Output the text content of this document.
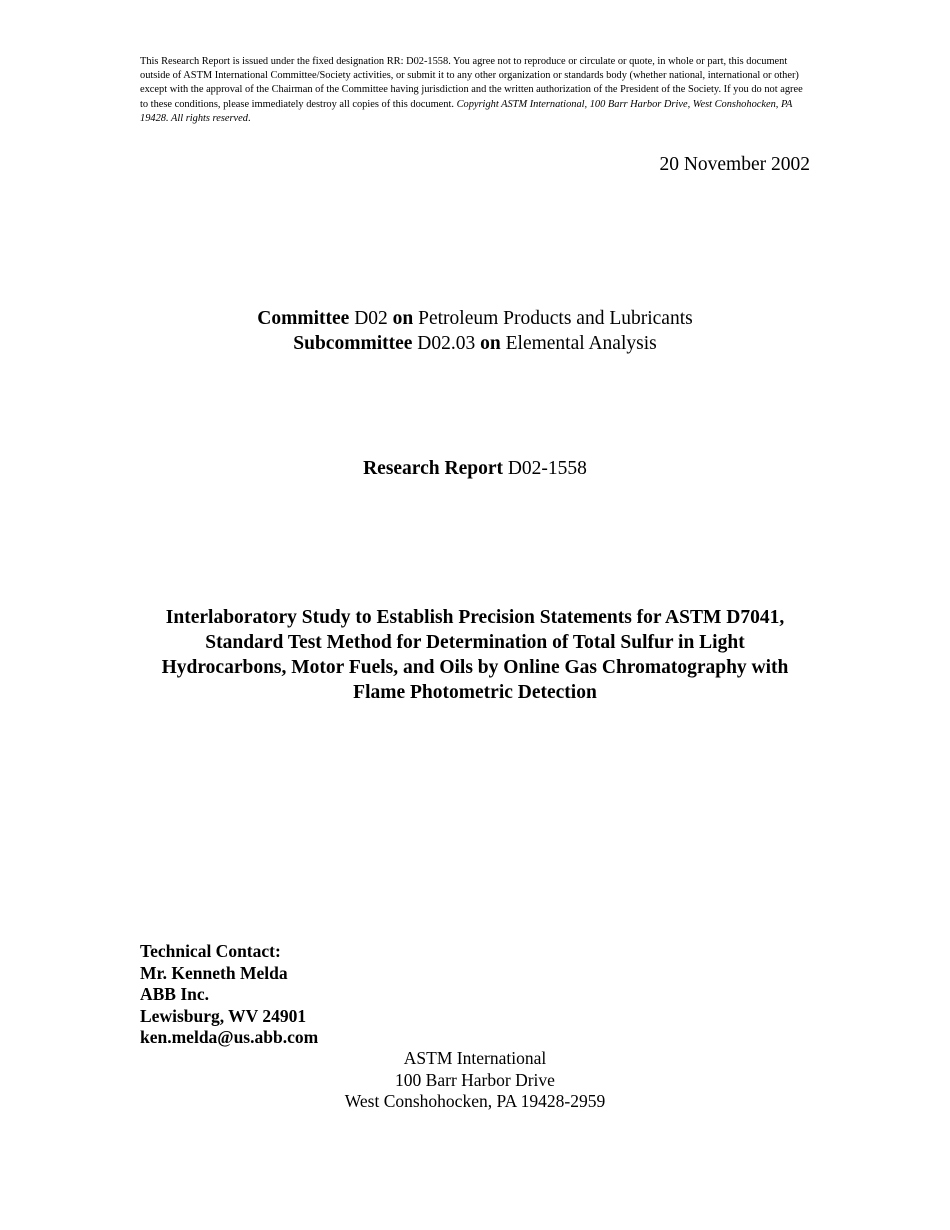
This Research Report is issued under the fixed designation RR: D02-1558. You agree not to reproduce or circulate or quote, in whole or part, this document outside of ASTM International Committee/Society activities, or submit it to any other organization or standards body (whether national, international or other) except with the approval of the Chairman of the Committee having jurisdiction and the written authorization of the President of the Society. If you do not agree to these conditions, please immediately destroy all copies of this document. Copyright ASTM International, 100 Barr Harbor Drive, West Conshohocken, PA 19428. All rights reserved.
20 November 2002
Committee D02 on Petroleum Products and Lubricants
Subcommittee D02.03 on Elemental Analysis
Research Report D02-1558
Interlaboratory Study to Establish Precision Statements for ASTM D7041, Standard Test Method for Determination of Total Sulfur in Light Hydrocarbons, Motor Fuels, and Oils by Online Gas Chromatography with Flame Photometric Detection
Technical Contact:
Mr. Kenneth Melda
ABB Inc.
Lewisburg, WV 24901
ken.melda@us.abb.com
ASTM International
100 Barr Harbor Drive
West Conshohocken, PA 19428-2959
